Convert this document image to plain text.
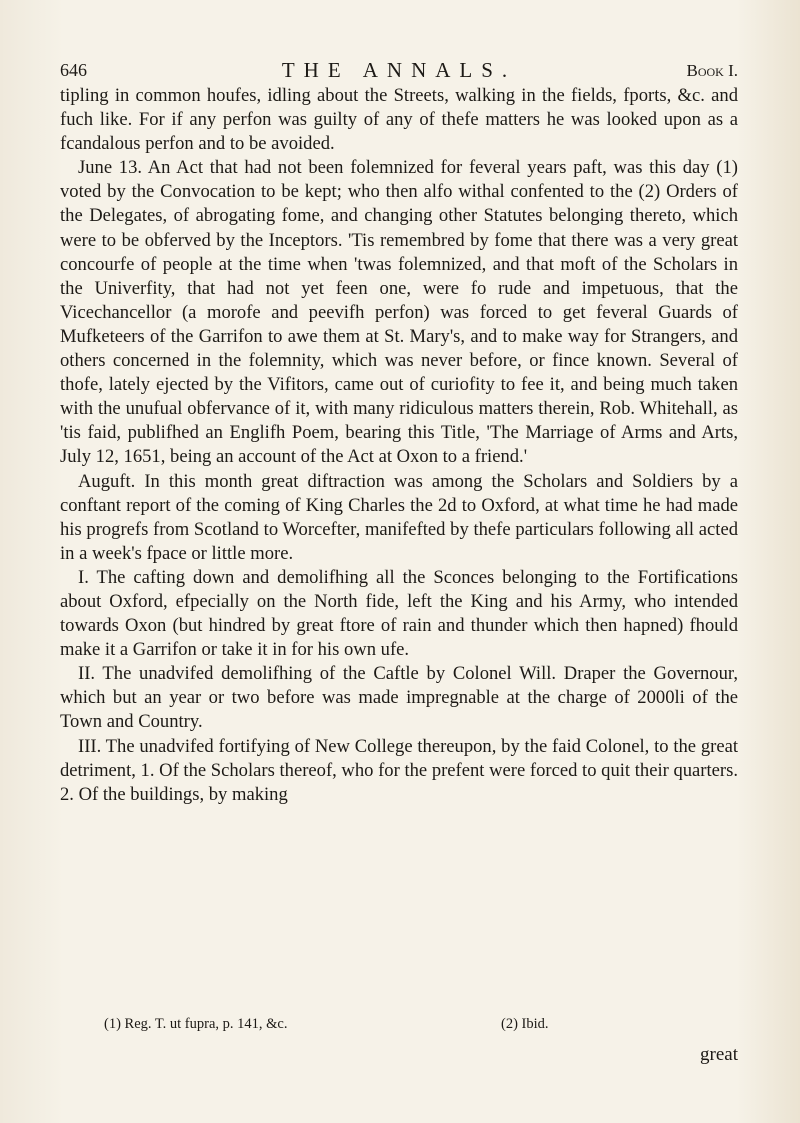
646	THE ANNALS.	Book I.

tipling in common houfes, idling about the Streets, walking in the fields, fports, &c. and fuch like. For if any perfon was guilty of any of thefe matters he was looked upon as a fcandalous perfon and to be avoided.

June 13. An Act that had not been folemnized for feveral years paft, was this day (1) voted by the Convocation to be kept; who then alfo withal confented to the (2) Orders of the Delegates, of abrogating fome, and changing other Statutes belonging thereto, which were to be obferved by the Inceptors. 'Tis remembred by fome that there was a very great concourfe of people at the time when 'twas folemnized, and that moft of the Scholars in the Univerfity, that had not yet feen one, were fo rude and impetuous, that the Vicechancellor (a morofe and peevifh perfon) was forced to get feveral Guards of Mufketeers of the Garrifon to awe them at St. Mary's, and to make way for Strangers, and others concerned in the folemnity, which was never before, or fince known. Several of thofe, lately ejected by the Vifitors, came out of curiofity to fee it, and being much taken with the unufual obfervance of it, with many ridiculous matters therein, Rob. Whitehall, as 'tis faid, publifhed an Englifh Poem, bearing this Title, 'The Marriage of Arms and Arts, July 12, 1651, being an account of the Act at Oxon to a friend.'

Auguft. In this month great diftraction was among the Scholars and Soldiers by a conftant report of the coming of King Charles the 2d to Oxford, at what time he had made his progrefs from Scotland to Worcefter, manifefted by thefe particulars following all acted in a week's fpace or little more.

I. The cafting down and demolifhing all the Sconces belonging to the Fortifications about Oxford, efpecially on the North fide, left the King and his Army, who intended towards Oxon (but hindred by great ftore of rain and thunder which then hapned) fhould make it a Garrifon or take it in for his own ufe.

II. The unadvifed demolifhing of the Caftle by Colonel Will. Draper the Governour, which but an year or two before was made impregnable at the charge of 2000li of the Town and Country.

III. The unadvifed fortifying of New College thereupon, by the faid Colonel, to the great detriment, 1. Of the Scholars thereof, who for the prefent were forced to quit their quarters. 2. Of the buildings, by making

(1) Reg. T. ut fupra, p. 141, &c.	(2) Ibid.
great
